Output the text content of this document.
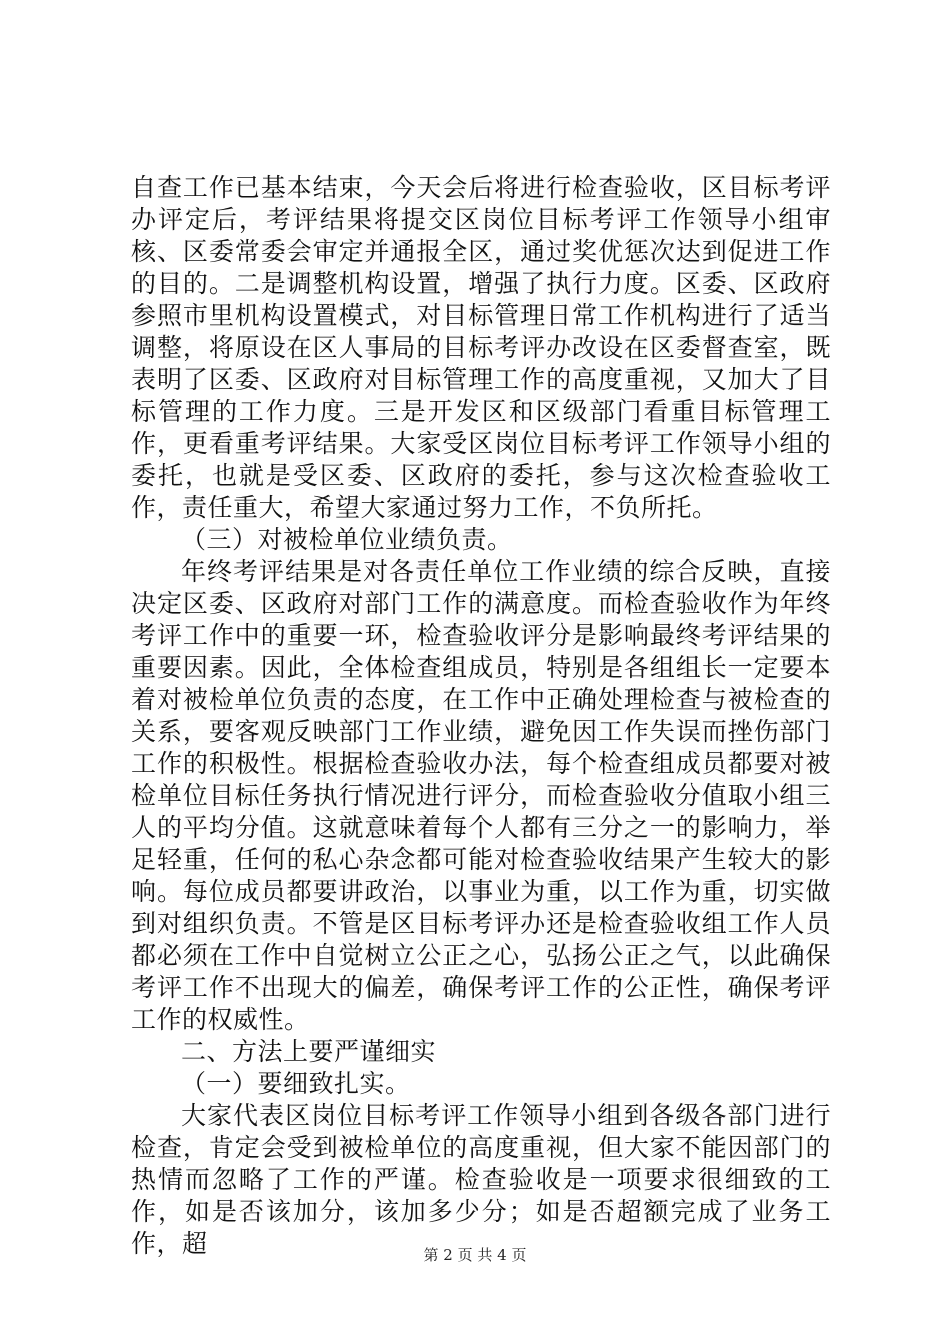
自查工作已基本结束，今天会后将进行检查验收，区目标考评办评定后，考评结果将提交区岗位目标考评工作领导小组审核、区委常委会审定并通报全区，通过奖优惩次达到促进工作的目的。二是调整机构设置，增强了执行力度。区委、区政府参照市里机构设置模式，对目标管理日常工作机构进行了适当调整，将原设在区人事局的目标考评办改设在区委督查室，既表明了区委、区政府对目标管理工作的高度重视，又加大了目标管理的工作力度。三是开发区和区级部门看重目标管理工作，更看重考评结果。大家受区岗位目标考评工作领导小组的委托，也就是受区委、区政府的委托，参与这次检查验收工作，责任重大，希望大家通过努力工作，不负所托。

（三）对被检单位业绩负责。

年终考评结果是对各责任单位工作业绩的综合反映，直接决定区委、区政府对部门工作的满意度。而检查验收作为年终考评工作中的重要一环，检查验收评分是影响最终考评结果的重要因素。因此，全体检查组成员，特别是各组组长一定要本着对被检单位负责的态度，在工作中正确处理检查与被检查的关系，要客观反映部门工作业绩，避免因工作失误而挫伤部门工作的积极性。根据检查验收办法，每个检查组成员都要对被检单位目标任务执行情况进行评分，而检查验收分值取小组三人的平均分值。这就意味着每个人都有三分之一的影响力，举足轻重，任何的私心杂念都可能对检查验收结果产生较大的影响。每位成员都要讲政治，以事业为重，以工作为重，切实做到对组织负责。不管是区目标考评办还是检查验收组工作人员都必须在工作中自觉树立公正之心，弘扬公正之气，以此确保考评工作不出现大的偏差，确保考评工作的公正性，确保考评工作的权威性。

二、方法上要严谨细实

（一）要细致扎实。

大家代表区岗位目标考评工作领导小组到各级各部门进行检查，肯定会受到被检单位的高度重视，但大家不能因部门的热情而忽略了工作的严谨。检查验收是一项要求很细致的工作，如是否该加分，该加多少分；如是否超额完成了业务工作，超	第 2 页 共 4 页
